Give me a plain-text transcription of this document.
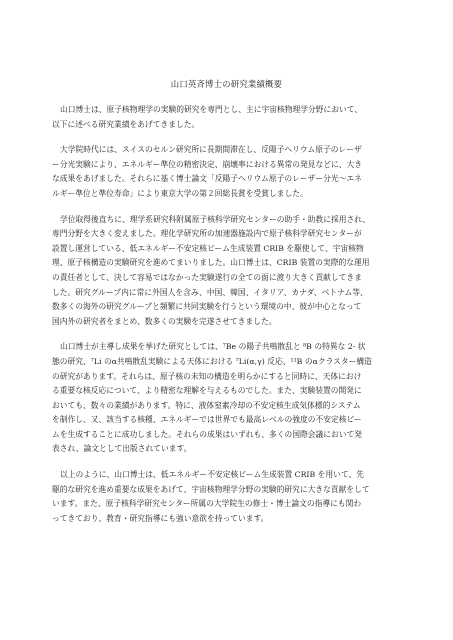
山口英斉博士の研究業績概要
山口博士は、原子核物理学の実験的研究を専門とし、主に宇宙核物理学分野において、
以下に述べる研究業績をあげてきました。
大学院時代には、スイスのセルン研究所に長期間滞在し、反陽子ヘリウム原子のレーザ
ー分光実験により、エネルギー準位の精密決定、崩壊率における異常の発見などに、大き
な成果をあげました。それらに基く博士論文「反陽子ヘリウム原子のレーザー分光～エネ
ルギー準位と準位寿命」により東京大学の第２回総長賞を受賞しました。
学位取得後直ちに、理学系研究科附属原子核科学研究センターの助手・助教に採用され、
専門分野を大きく変えました。理化学研究所の加速器施設内で原子核科学研究センターが
設置し運営している、低エネルギー不安定核ビーム生成装置 CRIB を駆使して、宇宙核物
理、原子核構造の実験研究を進めてまいりました。山口博士は、CRIB 装置の実際的な運用
の責任者として、決して容易ではなかった実験遂行の全ての面に渡り大きく貢献してきま
した。研究グループ内に常に外国人を含み、中国、韓国、イタリア、カナダ、ベトナム等、
数多くの海外の研究グループと頻繁に共同実験を行うという環境の中、彼が中心となって
国内外の研究者をまとめ、数多くの実験を完遂させてきました。
山口博士が主導し成果を挙げた研究としては、⁷Be の陽子共鳴散乱と ⁸B の特異な 2- 状
態の研究、⁷Li のα共鳴散乱実験による天体における ⁷Li(α,γ) 反応、¹¹B のαクラスター構造
の研究があります。それらは、原子核の未知の構造を明らかにすると同時に、天体におけ
る重要な核反応について、より精密な理解を与えるものでした。また、実験装置の開発に
おいても、数々の業績があります。特に、液体窒素冷却の不安定核生成気体標的システム
を制作し、又、該当する核種、エネルギーでは世界でも最高レベルの強度の不安定核ビー
ムを生成することに成功しました。それらの成果はいずれも、多くの国際会議において発
表され、論文として出版されています。
以上のように、山口博士は、低エネルギー不安定核ビーム生成装置 CRIB を用いて、先
駆的な研究を進め重要な成果をあげて、宇宙核物理学分野の実験的研究に大きな貢献をして
います。また、原子核科学研究センター所属の大学院生の修士・博士論文の指導にも関わ
ってきており、教育・研究指導にも強い意欲を持っています。
